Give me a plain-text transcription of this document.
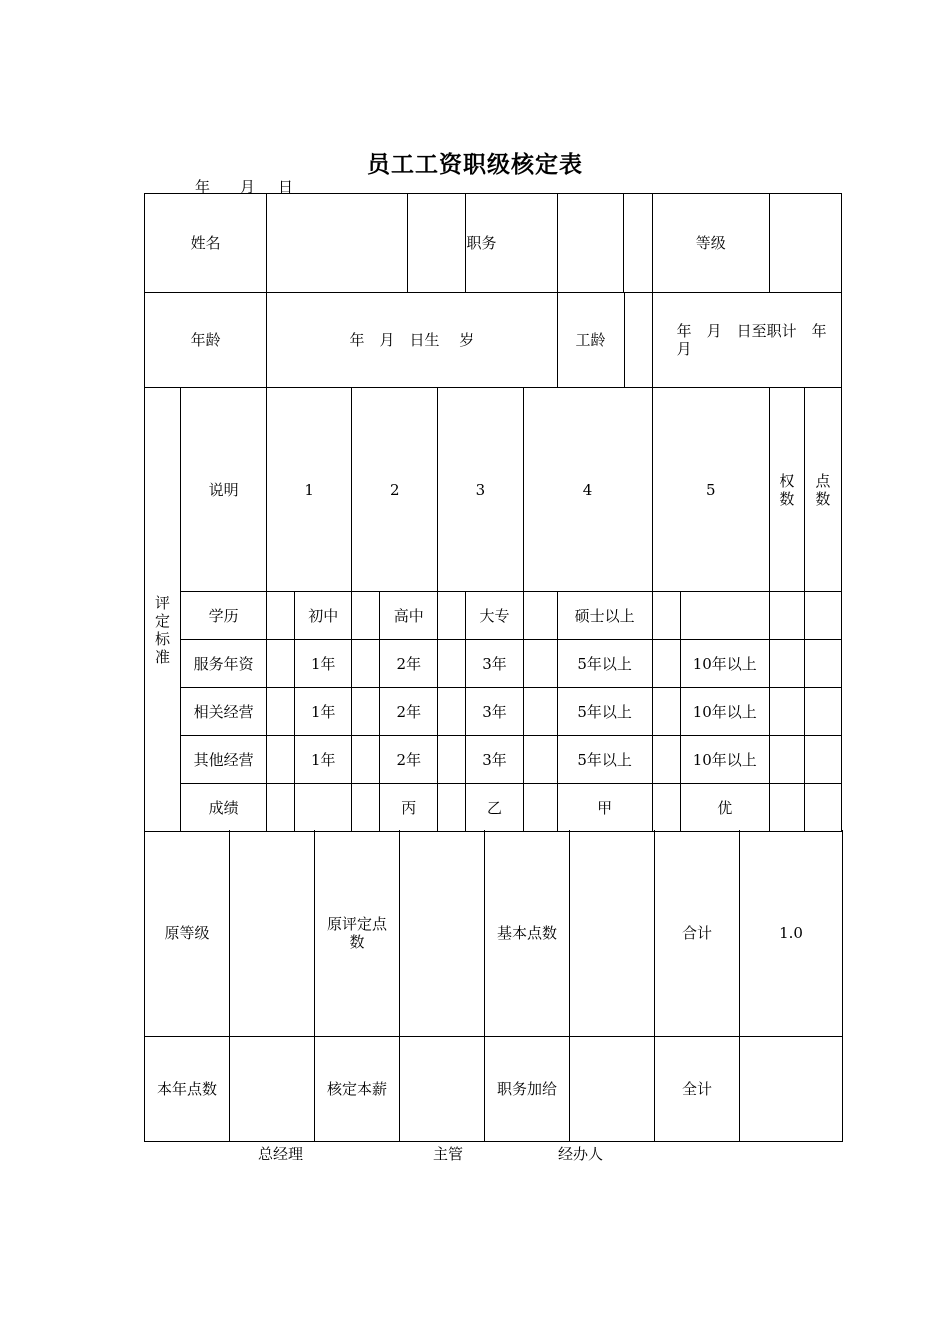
员工工资职级核定表
年 月 日
姓名							职务			等级			
年龄		年　月　日生　 岁							工龄	年　月　日至职计　年　月			

评定标准	说明	1		2		3		4		5		权数	点数

	学历		初中		高中		大专		硕士以上				
	服务年资		1年		2年		3年		5年以上		10年以上		
	相关经营		1年		2年		3年		5年以上		10年以上		
	其他经营		1年		2年		3年		5年以上		10年以上		
	成绩				丙		乙		甲		优		
原等级		原评定点数		基本点数		合计	1.0
本年点数		核定本薪		职务加给		全计	
总经理	主管	经办人
